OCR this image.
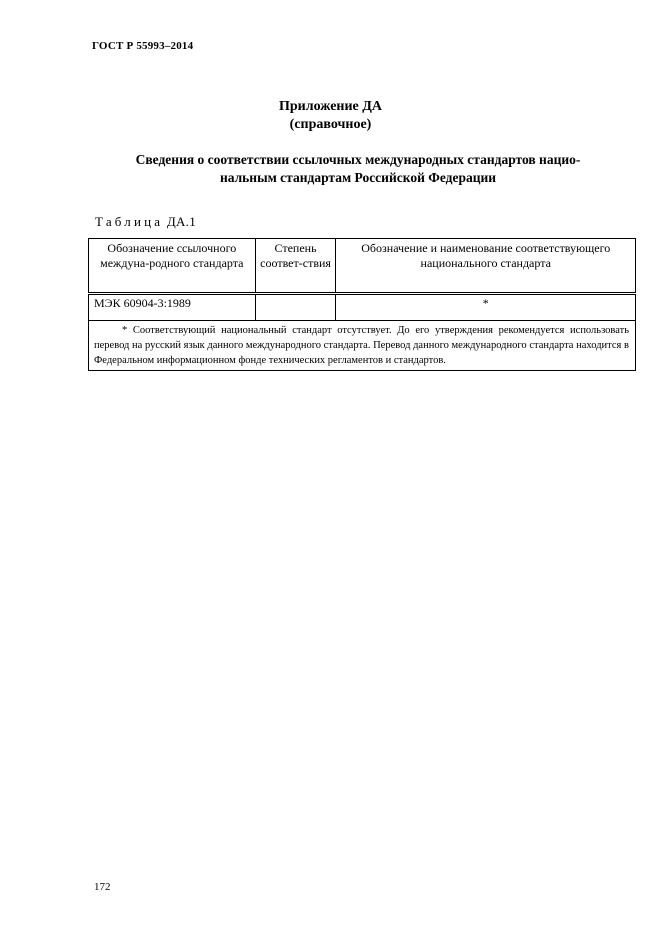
ГОСТ Р 55993–2014
Приложение ДА
(справочное)
Сведения о соответствии ссылочных международных стандартов нацио-
нальным стандартам Российской Федерации
Таблица ДА.1
Обозначение ссылочного междуна-родного стандарта	Степень соответ-ствия	Обозначение и наименование соответствующего национального стандарта
МЭК 60904-3:1989		*
* Соответствующий национальный стандарт отсутствует. До его утверждения рекомендуется использовать перевод на русский язык данного международного стандарта. Перевод данного международного стандарта находится в Федеральном информационном фонде технических регламентов и стандартов.		
172
